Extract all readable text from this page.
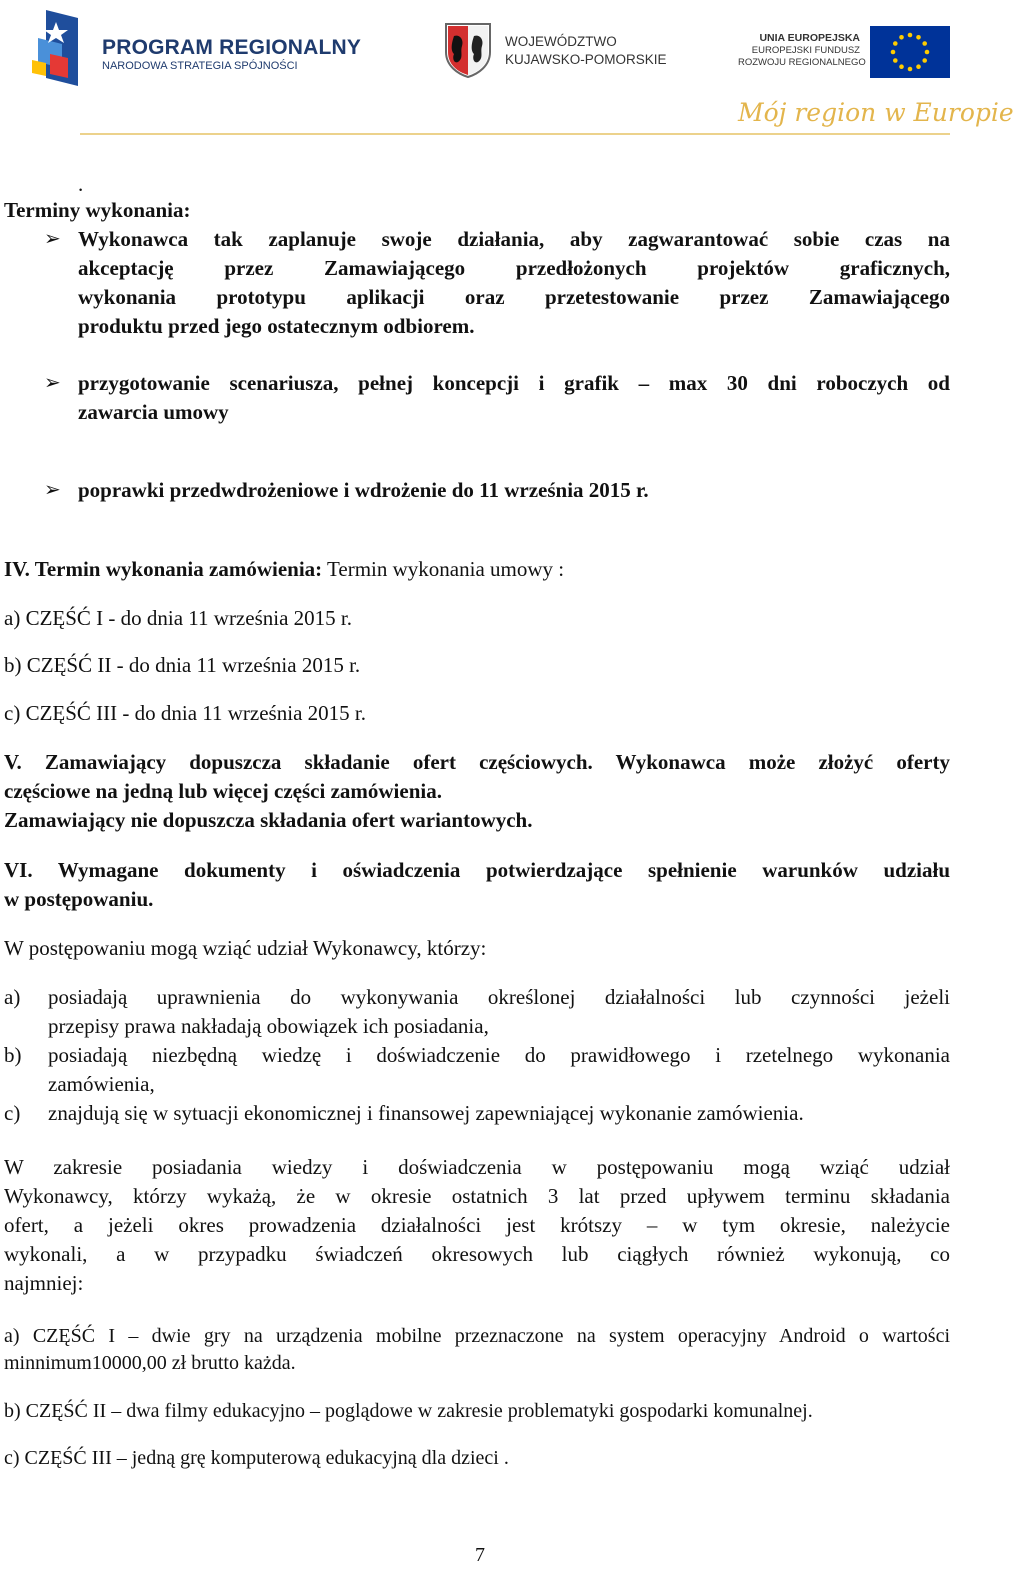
PROGRAM REGIONALNY
NARODOWA STRATEGIA SPÓJNOŚCI
WOJEWÓDZTWO
KUJAWSKO-POMORSKIE
UNIA EUROPEJSKA
EUROPEJSKI FUNDUSZ
ROZWOJU REGIONALNEGO
Mój region w Europie
.
Terminy wykonania:
➢ Wykonawca tak zaplanuje swoje działania, aby zagwarantować sobie czas na
akceptację przez Zamawiającego przedłożonych projektów graficznych,
wykonania prototypu aplikacji oraz przetestowanie przez Zamawiającego
produktu przed jego ostatecznym odbiorem.
➢ przygotowanie scenariusza, pełnej koncepcji i grafik – max 30 dni roboczych od
zawarcia umowy
➢ poprawki przedwdrożeniowe i wdrożenie do 11 września 2015 r.
IV. Termin wykonania zamówienia: Termin wykonania umowy :
a) CZĘŚĆ I - do dnia 11 września 2015 r.
b) CZĘŚĆ II - do dnia 11 września 2015 r.
c) CZĘŚĆ III - do dnia 11 września 2015 r.
V. Zamawiający dopuszcza składanie ofert częściowych. Wykonawca może złożyć oferty
częściowe na jedną lub więcej części zamówienia.
Zamawiający nie dopuszcza składania ofert wariantowych.
VI. Wymagane dokumenty i oświadczenia potwierdzające spełnienie warunków udziału
w postępowaniu.
W postępowaniu mogą wziąć udział Wykonawcy, którzy:
a) posiadają uprawnienia do wykonywania określonej działalności lub czynności jeżeli
przepisy prawa nakładają obowiązek ich posiadania,
b) posiadają niezbędną wiedzę i doświadczenie do prawidłowego i rzetelnego wykonania
zamówienia,
c) znajdują się w sytuacji ekonomicznej i finansowej zapewniającej wykonanie zamówienia.
W zakresie posiadania wiedzy i doświadczenia w postępowaniu mogą wziąć udział
Wykonawcy, którzy wykażą, że w okresie ostatnich 3 lat przed upływem terminu składania
ofert, a jeżeli okres prowadzenia działalności jest krótszy – w tym okresie, należycie
wykonali, a w przypadku świadczeń okresowych lub ciągłych również wykonują, co
najmniej:
a) CZĘŚĆ I – dwie gry na urządzenia mobilne przeznaczone na system operacyjny Android o wartości
minnimum10000,00 zł brutto każda.
b) CZĘŚĆ II – dwa filmy edukacyjno – poglądowe w zakresie problematyki gospodarki komunalnej.
c) CZĘŚĆ III – jedną grę komputerową edukacyjną dla dzieci .
7
